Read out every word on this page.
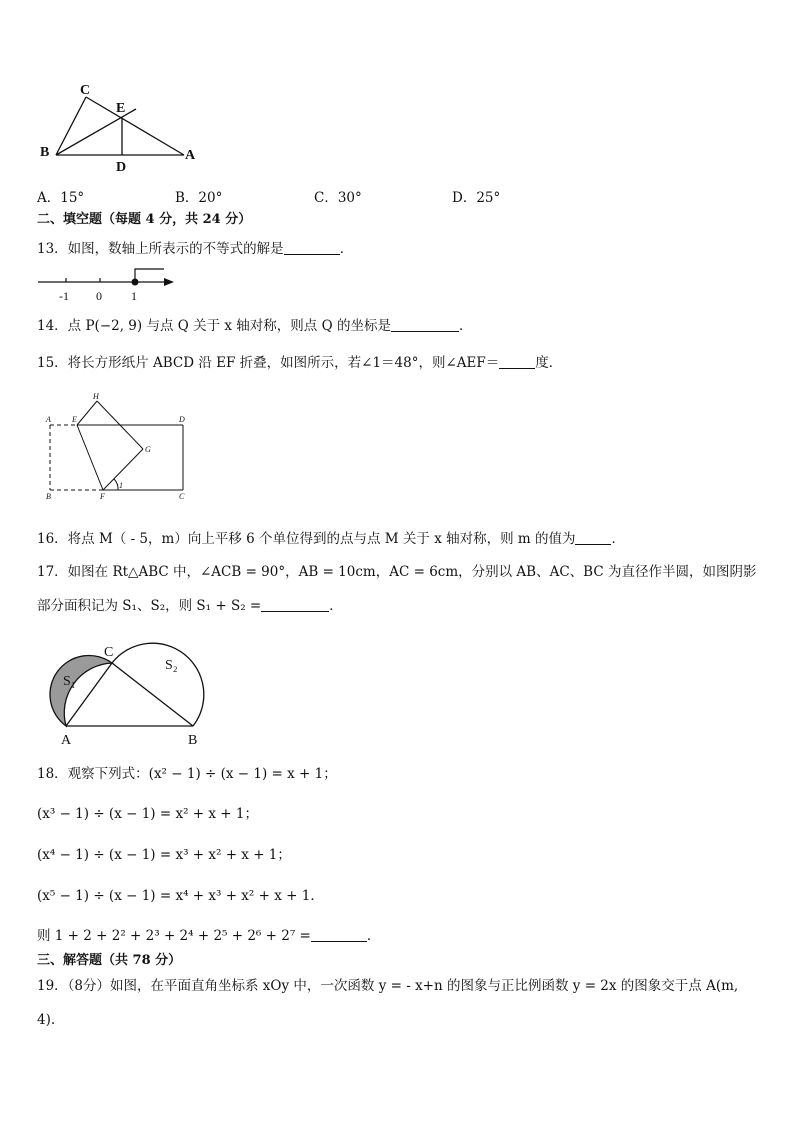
C
E
B
D
A
A．15°	B．20°	C．30°	D．25°
二、填空题（每题 4 分，共 24 分）
13．如图，数轴上所表示的不等式的解是	．
-1 0 1
14．点 P(−2, 9) 与点 Q 关于 x 轴对称，则点 Q 的坐标是	．
15．将长方形纸片 ABCD 沿 EF 折叠，如图所示，若∠1＝48°，则∠AEF＝	度．
H
A	E	D
G
B	F
1
C
16．将点 M（ - 5，m）向上平移 6 个单位得到的点与点 M 关于 x 轴对称，则 m 的值为	．
17．如图在 Rt△ABC 中，∠ACB = 90°，AB = 10cm，AC = 6cm，分别以 AB、AC、BC 为直径作半圆，如图阴影
部分面积记为 S₁、S₂，则 S₁ + S₂ =	．
C
S₁
S₂
A	B
18．观察下列式：(x² − 1) ÷ (x − 1) = x + 1；
(x³ − 1) ÷ (x − 1) = x² + x + 1；
(x⁴ − 1) ÷ (x − 1) = x³ + x² + x + 1；
(x⁵ − 1) ÷ (x − 1) = x⁴ + x³ + x² + x + 1．
则 1 + 2 + 2² + 2³ + 2⁴ + 2⁵ + 2⁶ + 2⁷ =	．
三、解答题（共 78 分）
19．（8分）如图，在平面直角坐标系 xOy 中，一次函数 y = - x+n 的图象与正比例函数 y = 2x 的图象交于点 A(m,
4).
